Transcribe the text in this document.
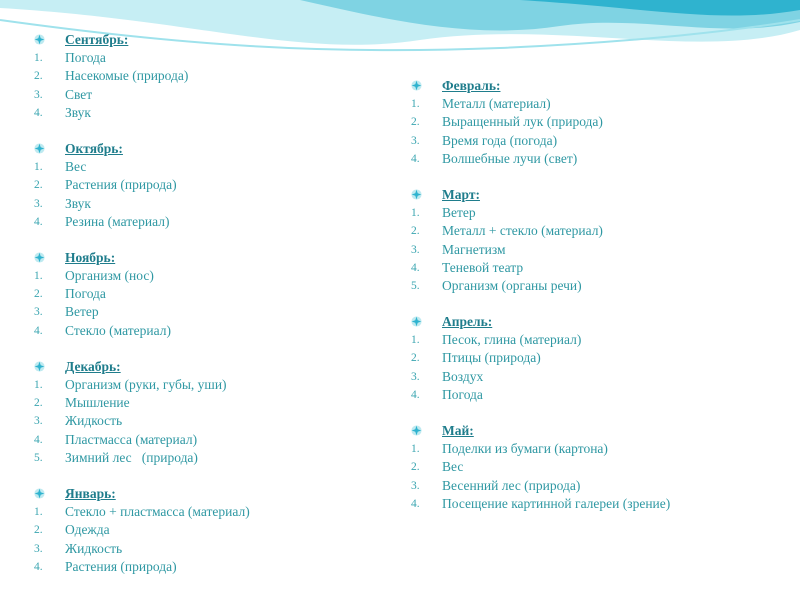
Сентябрь:
1. Погода
2. Насекомые (природа)
3. Свет
4. Звук
Октябрь:
1. Вес
2. Растения (природа)
3. Звук
4. Резина (материал)
Ноябрь:
1. Организм (нос)
2. Погода
3. Ветер
4. Стекло (материал)
Декабрь:
1. Организм (руки, губы, уши)
2. Мышление
3. Жидкость
4. Пластмасса (материал)
5. Зимний лес   (природа)
Январь:
1. Стекло + пластмасса (материал)
2. Одежда
3. Жидкость
4. Растения (природа)
Февраль:
1. Металл (материал)
2. Выращенный лук (природа)
3. Время года (погода)
4. Волшебные лучи (свет)
Март:
1. Ветер
2. Металл + стекло (материал)
3. Магнетизм
4. Теневой театр
5. Организм (органы речи)
Апрель:
1. Песок, глина (материал)
2. Птицы (природа)
3. Воздух
4. Погода
Май:
1. Поделки из бумаги (картона)
2. Вес
3. Весенний лес (природа)
4. Посещение картинной галереи (зрение)
